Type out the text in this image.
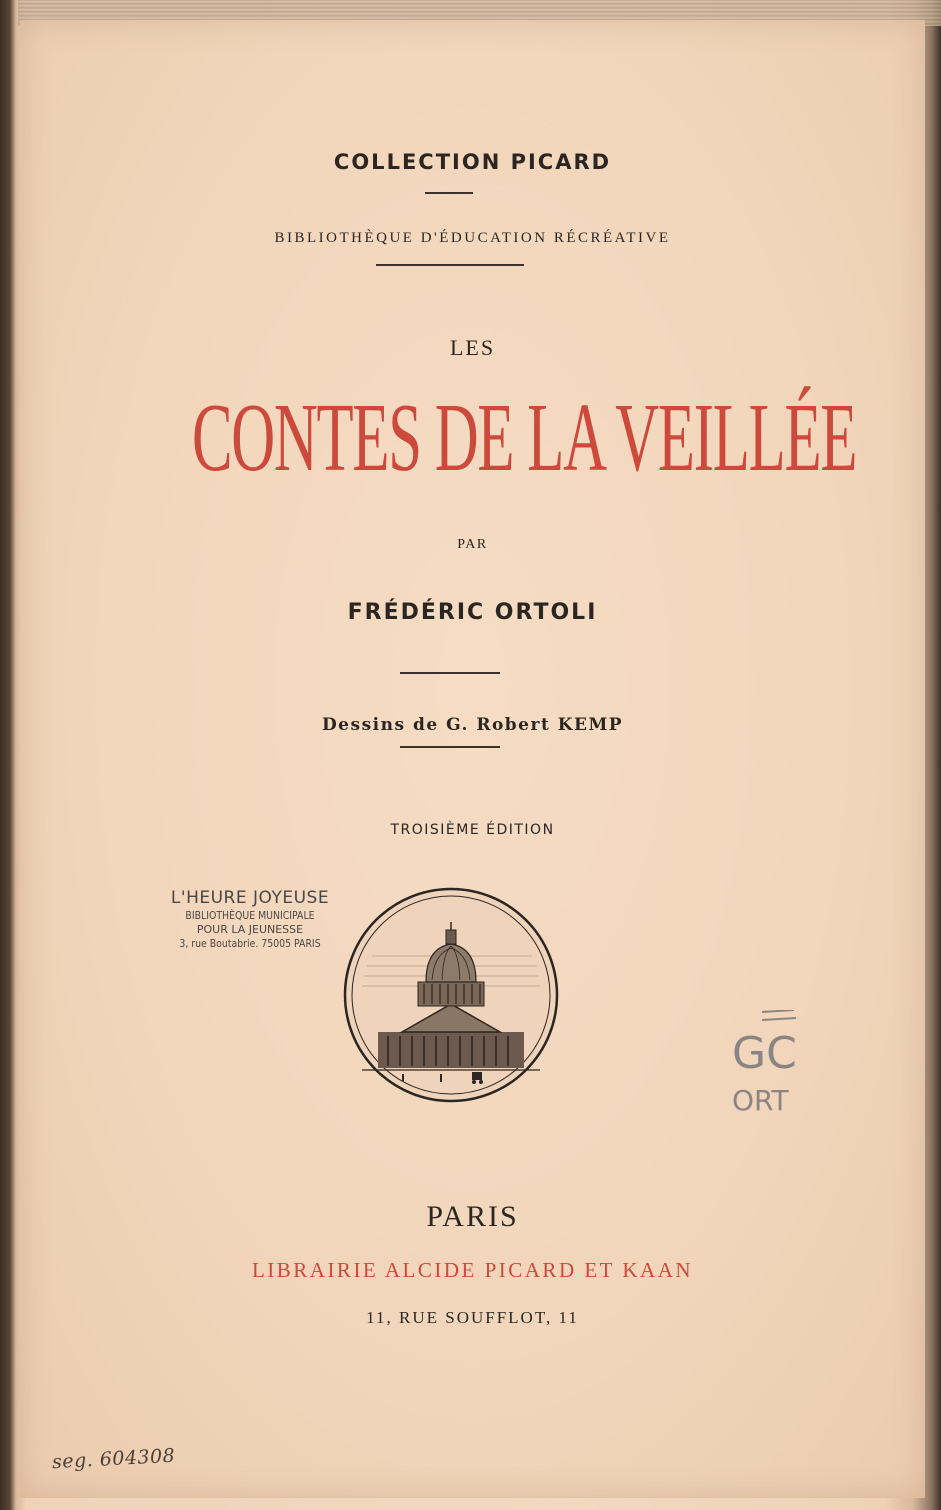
COLLECTION PICARD
BIBLIOTHÈQUE D'ÉDUCATION RÉCRÉATIVE
LES
CONTES DE LA VEILLÉE
PAR
FRÉDÉRIC ORTOLI
Dessins de G. Robert KEMP
TROISIÈME ÉDITION
L'HEURE JOYEUSE
BIBLIOTHÈQUE MUNICIPALE
POUR LA JEUNESSE
3, rue Boutabrie. 75005 PARIS
GC
ORT
PARIS
LIBRAIRIE ALCIDE PICARD ET KAAN
11, RUE SOUFFLOT, 11
seg. 604308
